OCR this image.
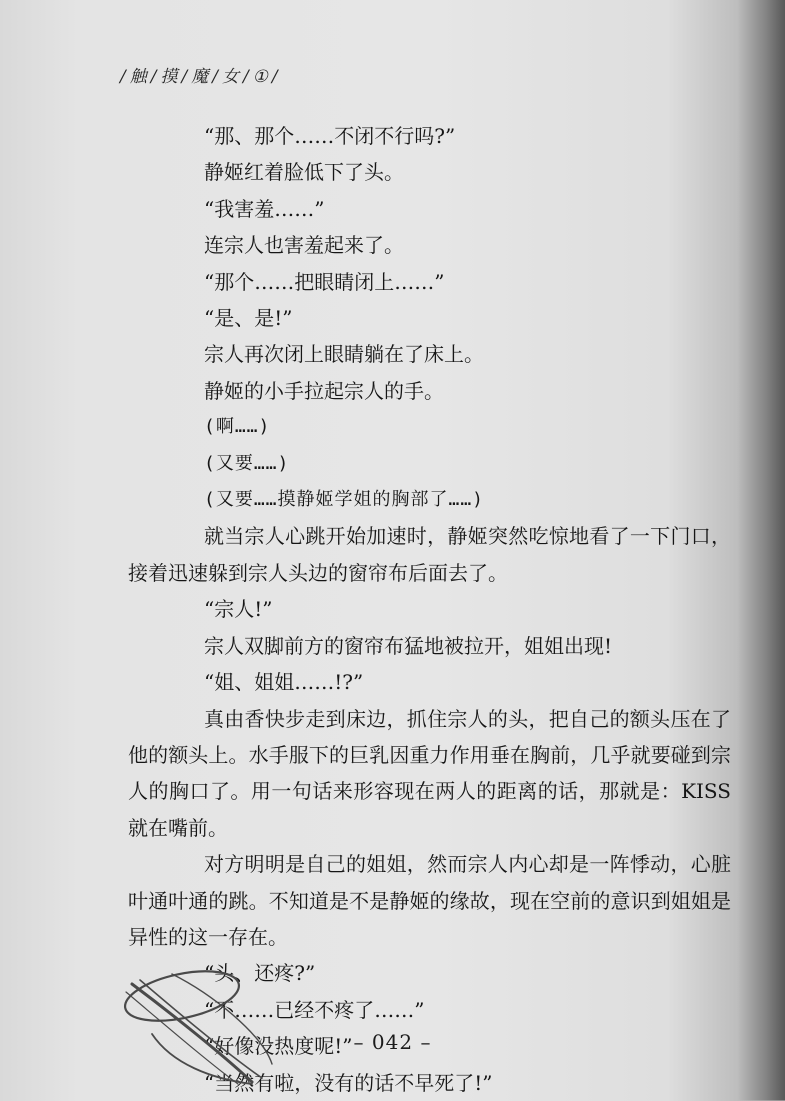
/ 触 / 摸 / 魔 / 女 / ① /

“那、那个……不闭不行吗?”

静姬红着脸低下了头。

“我害羞……”

连宗人也害羞起来了。

“那个……把眼睛闭上……”

“是、是!”

宗人再次闭上眼睛躺在了床上。

静姬的小手拉起宗人的手。

(啊……)

(又要……)

(又要……摸静姬学姐的胸部了……)

就当宗人心跳开始加速时，静姬突然吃惊地看了一下门口，接着迅速躲到宗人头边的窗帘布后面去了。

“宗人!”

宗人双脚前方的窗帘布猛地被拉开，姐姐出现!

“姐、姐姐……!?”

真由香快步走到床边，抓住宗人的头，把自己的额头压在了他的额头上。水手服下的巨乳因重力作用垂在胸前，几乎就要碰到宗人的胸口了。用一句话来形容现在两人的距离的话，那就是：KISS就在嘴前。

对方明明是自己的姐姐，然而宗人内心却是一阵悸动，心脏叶通叶通的跳。不知道是不是静姬的缘故，现在空前的意识到姐姐是异性的这一存在。

“头、还疼?”

“不……已经不疼了……”

“好像没热度呢!”

“当然有啦，没有的话不早死了!”

– 042 –
